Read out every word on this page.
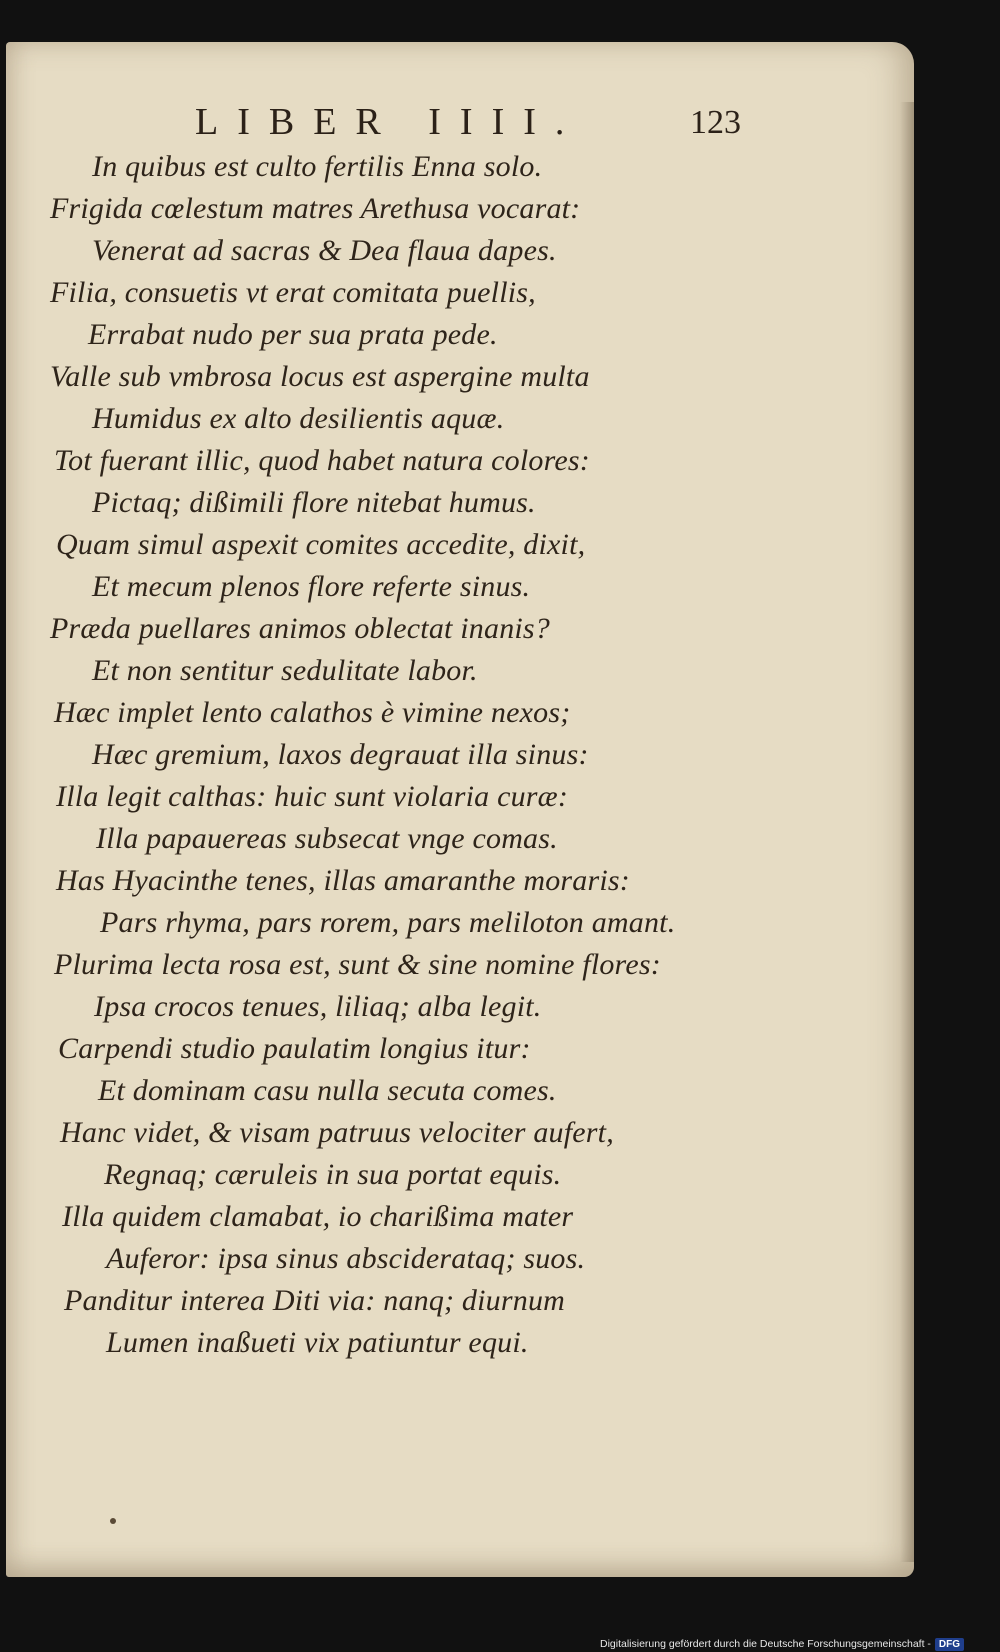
LIBER IIII.	123
In quibus est culto fertilis Enna solo.
Frigida cœlestum matres Arethusa vocarat:
Venerat ad sacras & Dea flaua dapes.
Filia, consuetis vt erat comitata puellis,
Errabat nudo per sua prata pede.
Valle sub vmbrosa locus est aspergine multa
Humidus ex alto desilientis aquæ.
Tot fuerant illic, quod habet natura colores:
Pictaq; dißimili flore nitebat humus.
Quam simul aspexit comites accedite, dixit,
Et mecum plenos flore referte sinus.
Præda puellares animos oblectat inanis?
Et non sentitur sedulitate labor.
Hæc implet lento calathos è vimine nexos;
Hæc gremium, laxos degrauat illa sinus:
Illa legit calthas: huic sunt violaria curæ:
Illa papauereas subsecat vnge comas.
Has Hyacinthe tenes, illas amaranthe moraris:
Pars rhyma, pars rorem, pars meliloton amant.
Plurima lecta rosa est, sunt & sine nomine flores:
Ipsa crocos tenues, liliaq; alba legit.
Carpendi studio paulatim longius itur:
Et dominam casu nulla secuta comes.
Hanc videt, & visam patruus velociter aufert,
Regnaq; cæruleis in sua portat equis.
Illa quidem clamabat, io charißima mater
Auferor: ipsa sinus absciderataq; suos.
Panditur interea Diti via: nanq; diurnum
Lumen inaßueti vix patiuntur equi.
Digitalisierung gefördert durch die Deutsche Forschungsgemeinschaft - DFG
